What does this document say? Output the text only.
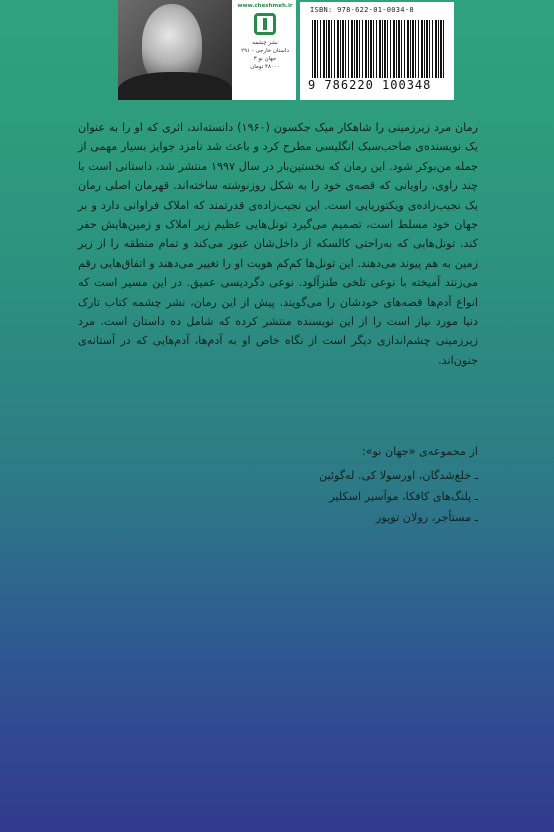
www.cheshmeh.ir
نشر چشمه
داستان خارجی - ۲۹۱
جهانِ نو ۳
۴۸۰۰۰ تومان
ISBN: 978-622-01-0034-8
9 786220 100348

رمان مرد زیرزمینی را شاهکار میک جکسون (۱۹۶۰) دانسته‌اند، اثری که او را به عنوان یک نویسنده‌ی صاحب‌سبک انگلیسی مطرح کرد و باعث شد نامزد جوایز بسیار مهمی از جمله من‌بوکر شود. این رمان که نخستین‌بار در سال ۱۹۹۷ منتشر شد، داستانی است با چند راوی، راویانی که قصه‌ی خود را به شکل روزنوشته ساخته‌اند. قهرمان اصلی رمان یک نجیب‌زاده‌ی ویکتوریایی است. این نجیب‌زاده‌ی قدرتمند که املاک فراوانی دارد و بر جهان خود مسلط است، تصمیم می‌گیرد تونل‌هایی عظیم زیر املاک و زمین‌هایش حفر کند. تونل‌هایی که به‌راحتی کالسکه از داخل‌شان عبور می‌کند و تمام منطقه را از زیر زمین به هم پیوند می‌دهند. این تونل‌ها کم‌کم هویت او را تغییر می‌دهند و اتفاق‌هایی رقم می‌زنند آمیخته با نوعی تلخی طنزآلود. نوعی دگردیسی عمیق. در این مسیر است که انواع آدم‌ها قصه‌های خودشان را می‌گویند. پیش از این رمان، نشر چشمه کتاب تارک دنیا مورد نیاز است را از این نویسنده منتشر کرده که شامل ده داستان است. مرد زیرزمینی چشم‌اندازی دیگر است از نگاه خاص او به آدم‌ها، آدم‌هایی که در آستانه‌ی جنون‌اند.

از مجموعه‌ی «جهان نو»:
ـ خلع‌شدگان، اورسولا کی. له‌گوئین
ـ پلنگ‌های کافکا، موآسیر اسکلیر
ـ مستأجر، رولان توپور
